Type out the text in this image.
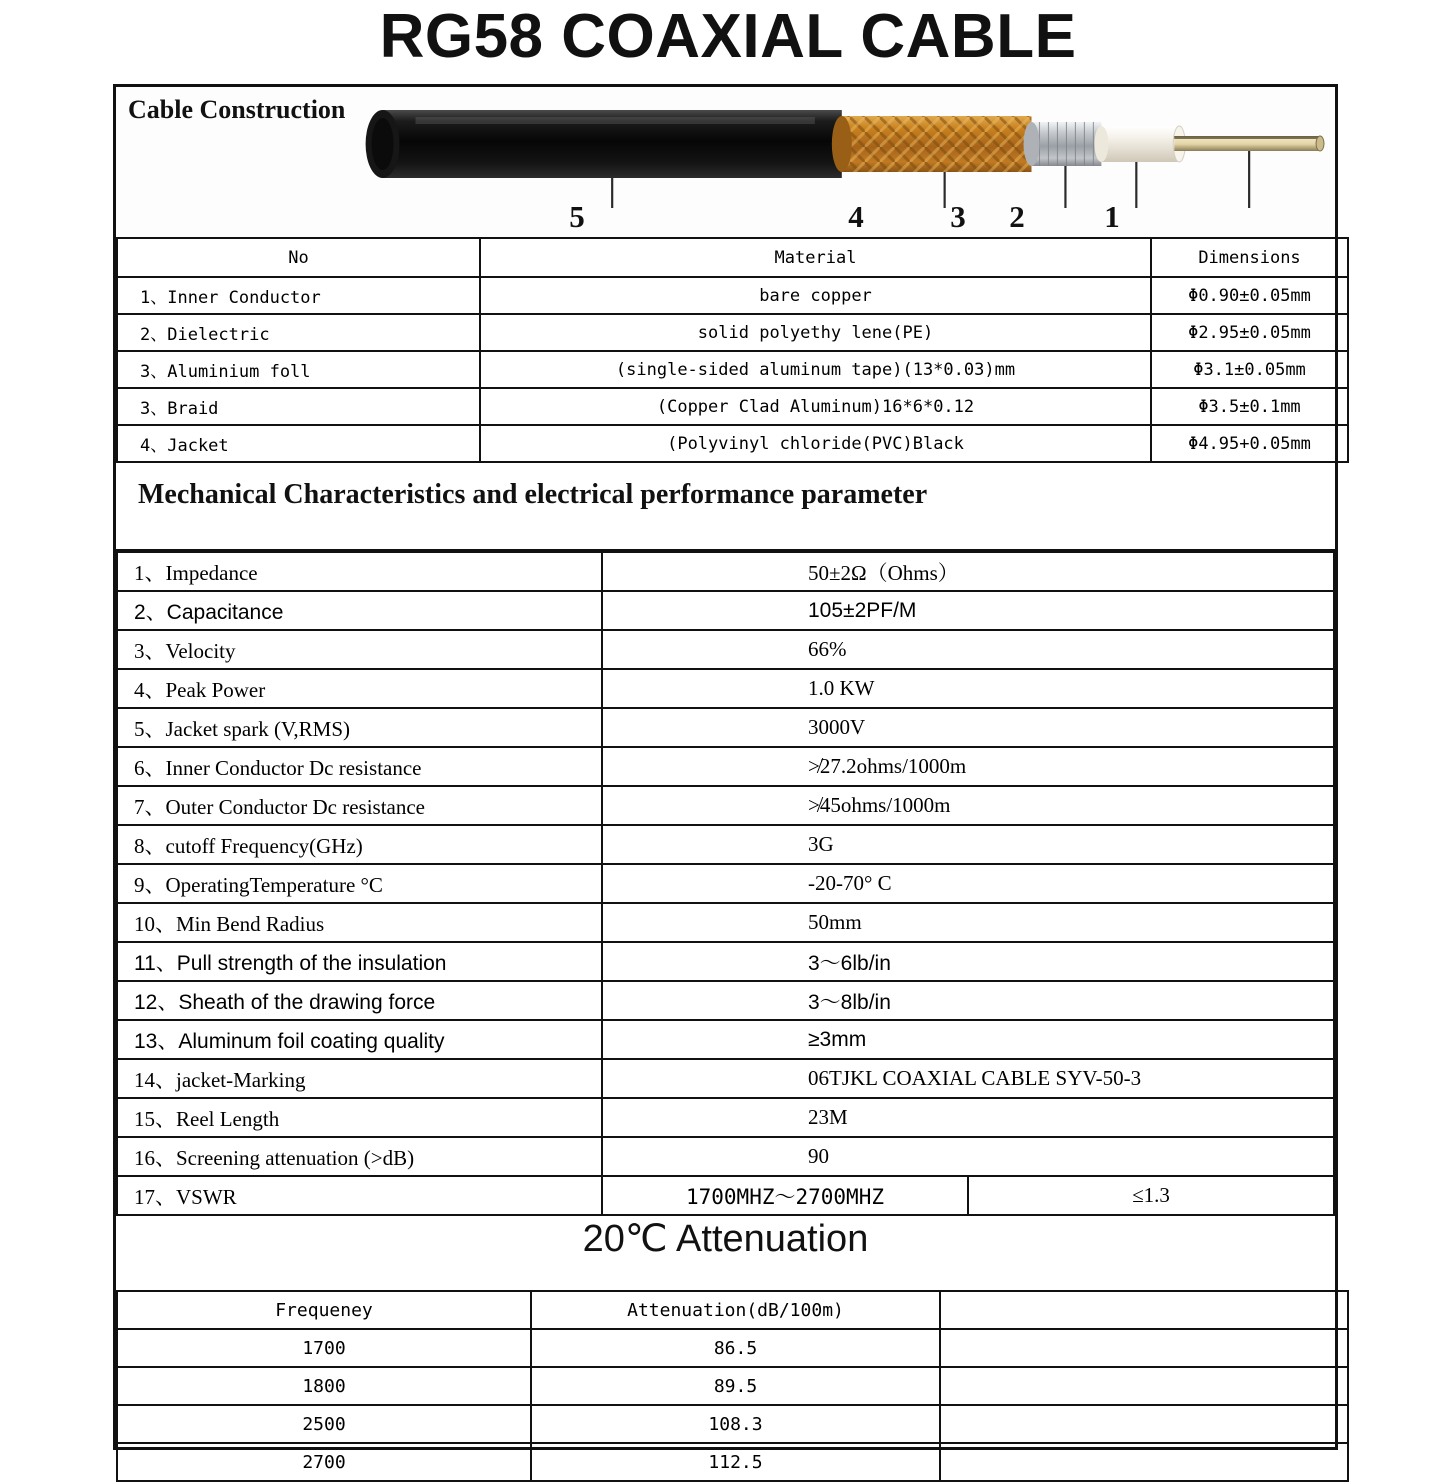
RG58 COAXIAL CABLE
Cable Construction
5	4	3 2	1
No	Material	Dimensions
1、Inner Conductor	bare copper	Φ0.90±0.05mm
2、Dielectric	solid polyethy lene(PE)	Φ2.95±0.05mm
3、Aluminium foll	(single-sided aluminum tape)(13*0.03)mm	Φ3.1±0.05mm
3、Braid	(Copper Clad Aluminum)16*6*0.12	Φ3.5±0.1mm
4、Jacket	(Polyvinyl chloride(PVC)Black	Φ4.95+0.05mm
Mechanical Characteristics and electrical performance parameter
1、Impedance	50±2Ω（Ohms）	
2、Capacitance	105±2PF/M	
3、Velocity	66%	
4、Peak Power	1.0 KW	
5、Jacket spark (V,RMS)	3000V	
6、Inner Conductor Dc resistance	≯27.2ohms/1000m	
7、Outer Conductor Dc resistance	≯45ohms/1000m	
8、cutoff Frequency(GHz)	3G	
9、OperatingTemperature °C	-20-70° C	
10、Min Bend Radius	50mm	
11、Pull strength of the insulation	3～6lb/in	
12、Sheath of the drawing force	3～8lb/in	
13、Aluminum foil coating quality	≥3mm	
14、jacket-Marking	06TJKL COAXIAL CABLE SYV-50-3	
15、Reel Length	23M	
16、Screening attenuation (>dB)	90	
17、VSWR	1700MHZ～2700MHZ	≤1.3
20℃ Attenuation
Frequeney	Attenuation(dB/100m)	
1700	86.5	
1800	89.5	
2500	108.3	
2700	112.5	
